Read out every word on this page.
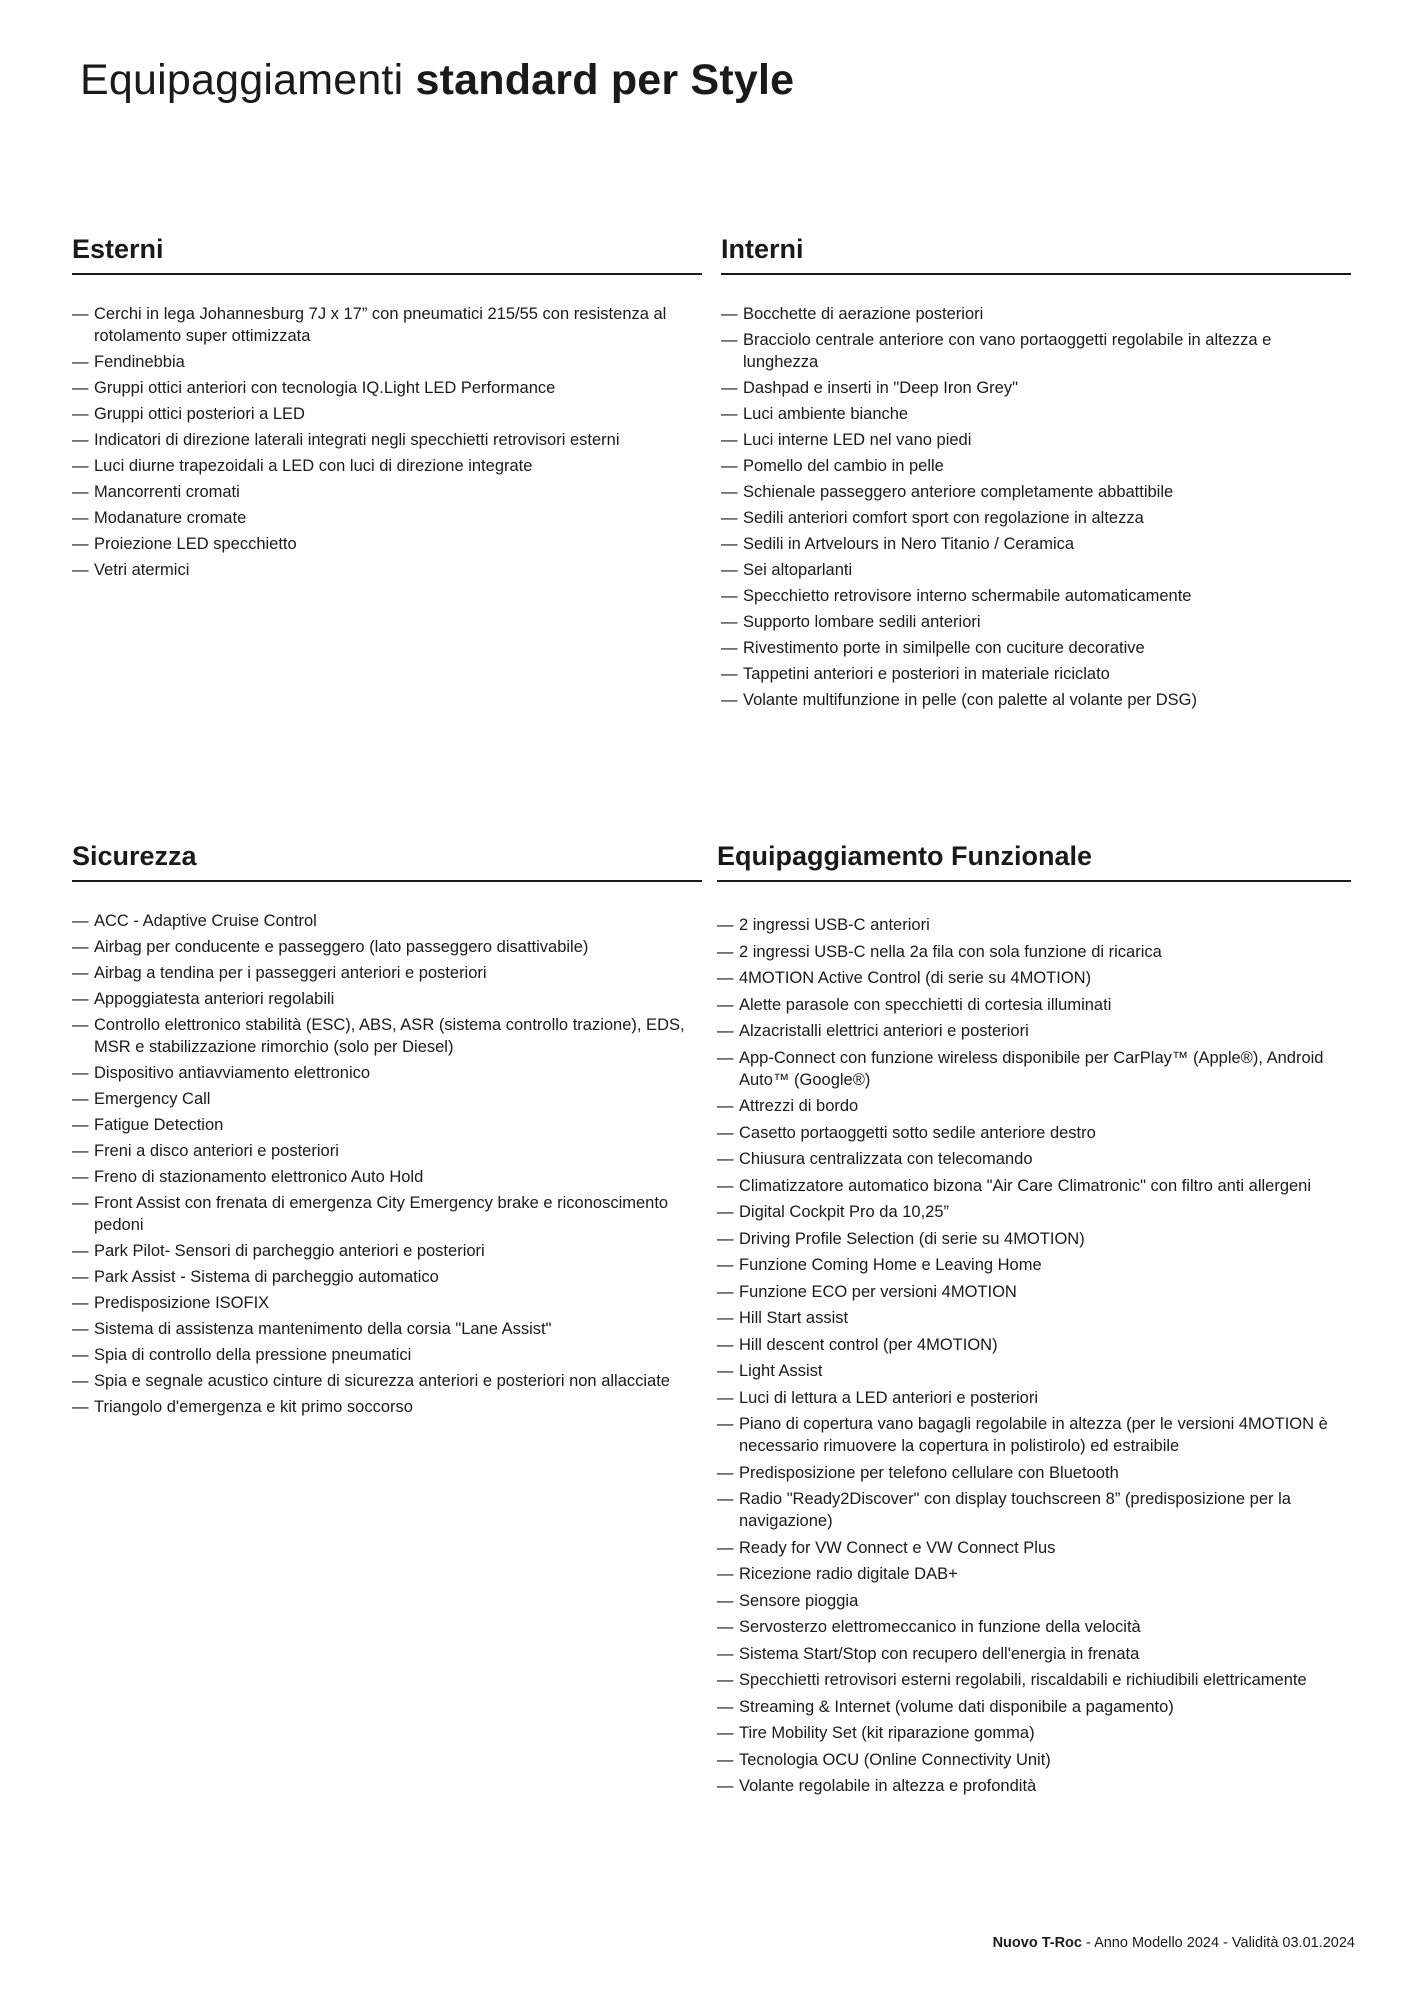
Equipaggiamenti standard per Style
Esterni
— Cerchi in lega Johannesburg 7J x 17” con pneumatici 215/55 con resistenza al rotolamento super ottimizzata
— Fendinebbia
— Gruppi ottici anteriori con tecnologia IQ.Light LED Performance
— Gruppi ottici posteriori a LED
— Indicatori di direzione laterali integrati negli specchietti retrovisori esterni
— Luci diurne trapezoidali a LED con luci di direzione integrate
— Mancorrenti cromati
— Modanature cromate
— Proiezione LED specchietto
— Vetri atermici
Interni
— Bocchette di aerazione posteriori
— Bracciolo centrale anteriore con vano portaoggetti regolabile in altezza e lunghezza
— Dashpad e inserti in "Deep Iron Grey"
— Luci ambiente bianche
— Luci interne LED nel vano piedi
— Pomello del cambio in pelle
— Schienale passeggero anteriore completamente abbattibile
— Sedili anteriori comfort sport con regolazione in altezza
— Sedili in Artvelours in Nero Titanio / Ceramica
— Sei altoparlanti
— Specchietto retrovisore interno schermabile automaticamente
— Supporto lombare sedili anteriori
— Rivestimento porte in similpelle con cuciture decorative
— Tappetini anteriori e posteriori in materiale riciclato
— Volante multifunzione in pelle (con palette al volante per DSG)
Sicurezza
— ACC - Adaptive Cruise Control
— Airbag per conducente e passeggero (lato passeggero disattivabile)
— Airbag a tendina per i passeggeri anteriori e posteriori
— Appoggiatesta anteriori regolabili
— Controllo elettronico stabilità (ESC), ABS, ASR (sistema controllo trazione), EDS, MSR e stabilizzazione rimorchio (solo per Diesel)
— Dispositivo antiavviamento elettronico
— Emergency Call
— Fatigue Detection
— Freni a disco anteriori e posteriori
— Freno di stazionamento elettronico Auto Hold
— Front Assist con frenata di emergenza City Emergency brake e riconoscimento pedoni
— Park Pilot- Sensori di parcheggio anteriori e posteriori
— Park Assist - Sistema di parcheggio automatico
— Predisposizione ISOFIX
— Sistema di assistenza mantenimento della corsia "Lane Assist"
— Spia di controllo della pressione pneumatici
— Spia e segnale acustico cinture di sicurezza anteriori e posteriori non allacciate
— Triangolo d'emergenza e kit primo soccorso
Equipaggiamento Funzionale
— 2 ingressi USB-C anteriori
— 2 ingressi USB-C nella 2a fila con sola funzione di ricarica
— 4MOTION Active Control (di serie su 4MOTION)
— Alette parasole con specchietti di cortesia illuminati
— Alzacristalli elettrici anteriori e posteriori
— App-Connect con funzione wireless disponibile per CarPlay™ (Apple®), Android Auto™ (Google®)
— Attrezzi di bordo
— Casetto portaoggetti sotto sedile anteriore destro
— Chiusura centralizzata con telecomando
— Climatizzatore automatico bizona "Air Care Climatronic" con filtro anti allergeni
— Digital Cockpit Pro da 10,25”
— Driving Profile Selection (di serie su 4MOTION)
— Funzione Coming Home e Leaving Home
— Funzione ECO per versioni 4MOTION
— Hill Start assist
— Hill descent control (per 4MOTION)
— Light Assist
— Luci di lettura a LED anteriori e posteriori
— Piano di copertura vano bagagli regolabile in altezza (per le versioni 4MOTION è necessario rimuovere la copertura in polistirolo) ed estraibile
— Predisposizione per telefono cellulare con Bluetooth
— Radio "Ready2Discover" con display touchscreen 8” (predisposizione per la navigazione)
— Ready for VW Connect e VW Connect Plus
— Ricezione radio digitale DAB+
— Sensore pioggia
— Servosterzo elettromeccanico in funzione della velocità
— Sistema Start/Stop con recupero dell'energia in frenata
— Specchietti retrovisori esterni regolabili, riscaldabili e richiudibili elettricamente
— Streaming & Internet (volume dati disponibile a pagamento)
— Tire Mobility Set (kit riparazione gomma)
— Tecnologia OCU (Online Connectivity Unit)
— Volante regolabile in altezza e profondità
Nuovo T-Roc - Anno Modello 2024 - Validità 03.01.2024
